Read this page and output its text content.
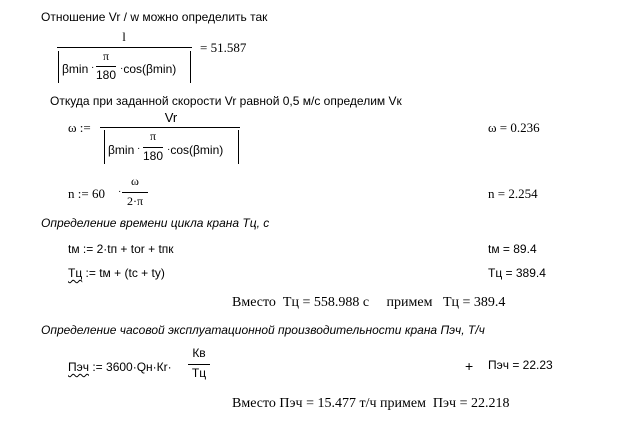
Отношение Vr / w можно определить так
l
βmin ·
π
180 ·cos(βmin)
= 51.587
Откуда при заданной скорости Vr равной 0,5 м/с определим Vк
ω :=
Vr
βmin ·
π
180 ·cos(βmin)
ω = 0.236
n := 60 ·
ω
2·π	n = 2.254
Определение времени цикла крана Тц, с
tм := 2·tп + tor + tпк	tм = 89.4
Тц := tм + (tc + ty)	Тц = 389.4
Вместо  Тц = 558.988 с     примем   Тц = 389.4
Определение часовой эксплуатационной производительности крана Пэч, Т/ч
Пэч := 3600·Qн·Кr·
Кв
Тц	+ Пэч = 22.23
Вместо Пэч = 15.477 т/ч примем  Пэч = 22.218
